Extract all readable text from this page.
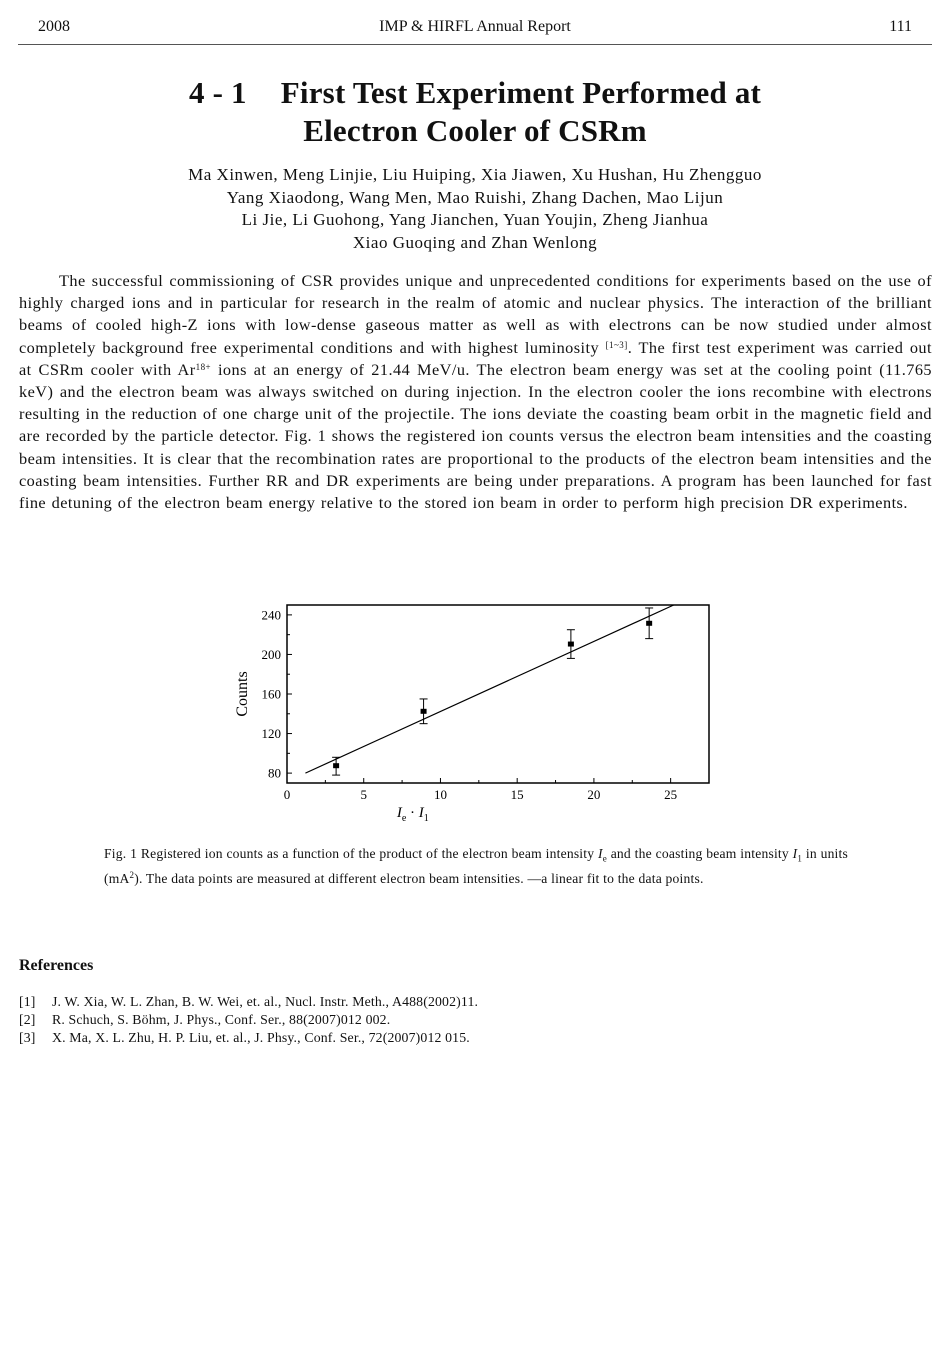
2008	IMP & HIRFL Annual Report	111
4 - 1 First Test Experiment Performed at
Electron Cooler of CSRm
Ma Xinwen, Meng Linjie, Liu Huiping, Xia Jiawen, Xu Hushan, Hu Zhengguo
Yang Xiaodong, Wang Men, Mao Ruishi, Zhang Dachen, Mao Lijun
Li Jie, Li Guohong, Yang Jianchen, Yuan Youjin, Zheng Jianhua
Xiao Guoqing and Zhan Wenlong

The successful commissioning of CSR provides unique and unprecedented conditions for experiments based on the use of highly charged ions and in particular for research in the realm of atomic and nuclear physics. The interaction of the brilliant beams of cooled high-Z ions with low-dense gaseous matter as well as with electrons can be now studied under almost completely background free experimental conditions and with highest luminosity [1~3]. The first test experiment was carried out at CSRm cooler with $Ar^{18+}$ ions at an energy of 21.44 MeV/u. The electron beam energy was set at the cooling point (11.765 keV) and the electron beam was always switched on during injection. In the electron cooler the ions recombine with electrons resulting in the reduction of one charge unit of the projectile. The ions deviate the coasting beam orbit in the magnetic field and are recorded by the particle detector. Fig. 1 shows the registered ion counts versus the electron beam intensities and the coasting beam intensities. It is clear that the recombination rates are proportional to the products of the electron beam intensities and the coasting beam intensities. Further RR and DR experiments are being under preparations. A program has been launched for fast fine detuning of the electron beam energy relative to the stored ion beam in order to perform high precision DR experiments.

0	5	10	15	20	25
80
120
160
200
240
Counts
$I_e \cdot I_1$
Fig. 1 Registered ion counts as a function of the product of the electron beam intensity $I_e$ and the coasting beam intensity $I_1$ in units $(mA^2)$. The data points are measured at different electron beam intensities. —a linear fit to the data points.
References
[1] J. W. Xia, W. L. Zhan, B. W. Wei, et. al., Nucl. Instr. Meth., A488(2002)11.
[2] R. Schuch, S. Böhm, J. Phys., Conf. Ser., 88(2007)012 002.
[3] X. Ma, X. L. Zhu, H. P. Liu, et. al., J. Phsy., Conf. Ser., 72(2007)012 015.
